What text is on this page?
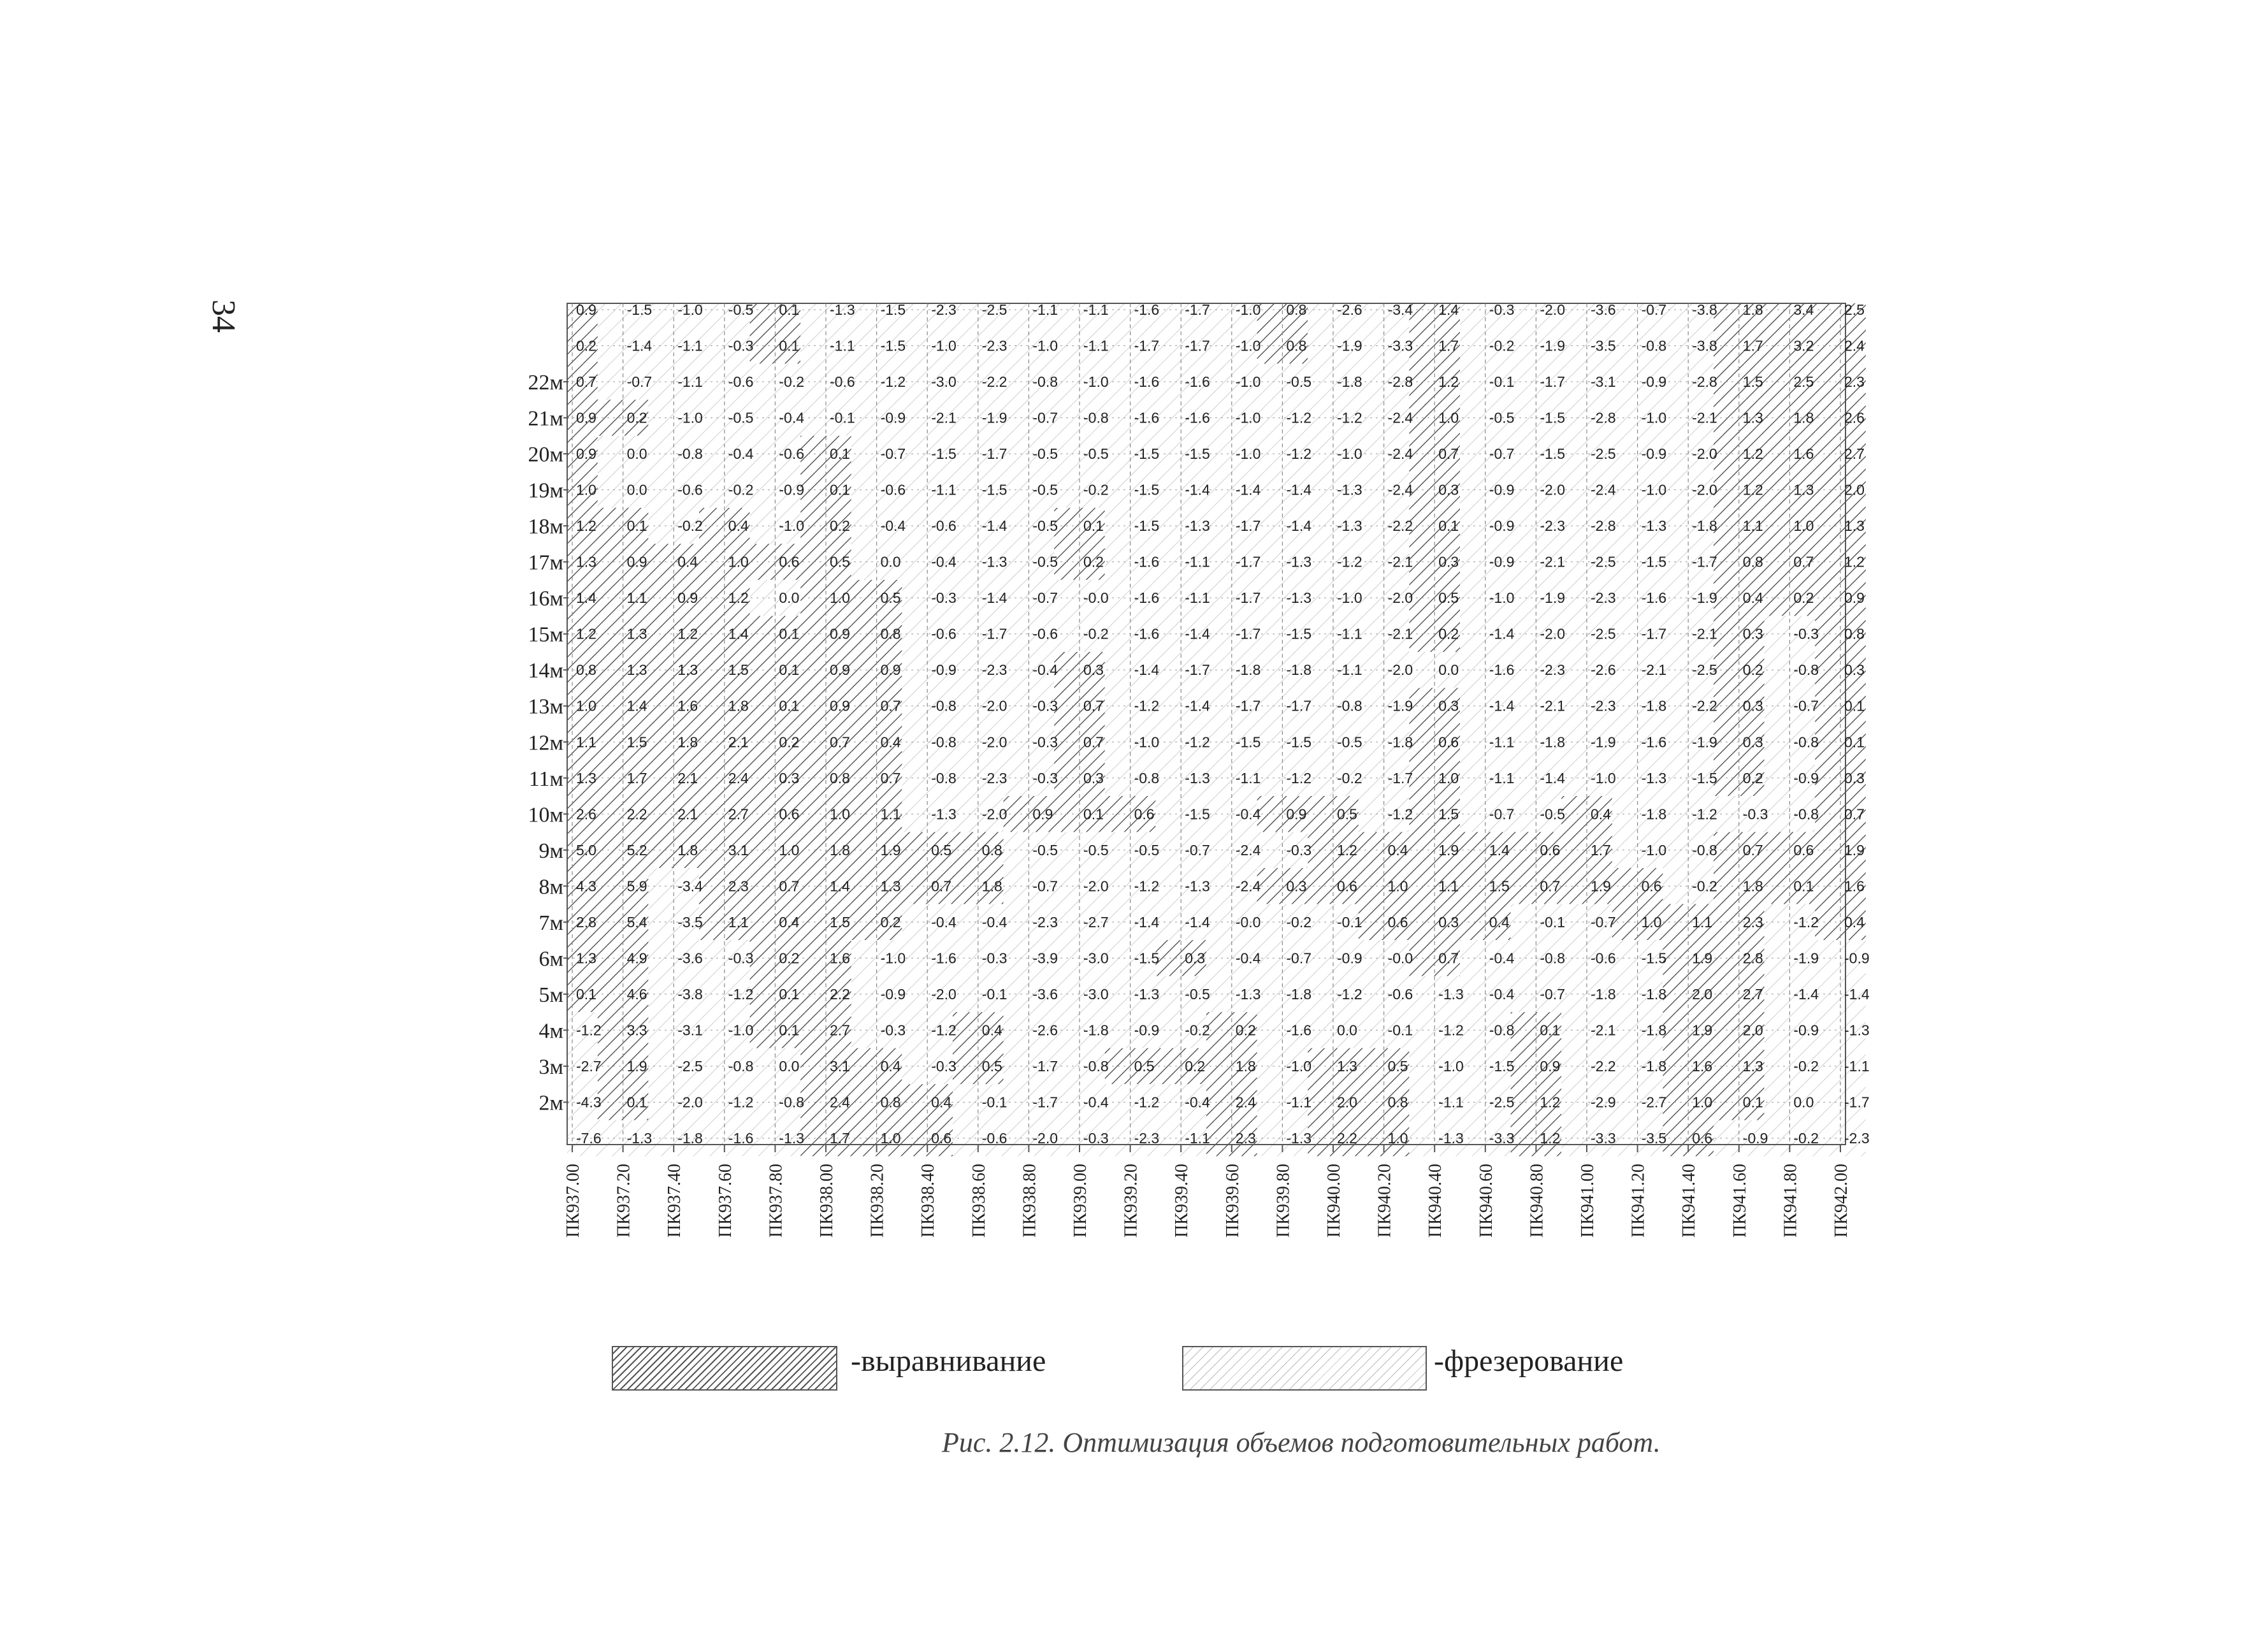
34	0.9 -1.5 -1.0 -0.5 0.1 -1.3 -1.5 -2.3 -2.5 -1.1 -1.1 -1.6 -1.7 -1.0 0.8 -2.6 -3.4 1.4 -0.3 -2.0 -3.6 -0.7 -3.8 1.8 3.4 2.5
0.2 -1.4 -1.1 -0.3 0.1 -1.1 -1.5 -1.0 -2.3 -1.0 -1.1 -1.7 -1.7 -1.0 0.8 -1.9 -3.3 1.7 -0.2 -1.9 -3.5 -0.8 -3.8 1.7 3.2 2.4
0.7 -0.7 -1.1 -0.6 -0.2 -0.6 -1.2 -3.0 -2.2 -0.8 -1.0 -1.6 -1.6 -1.0 -0.5 -1.8 -2.8 1.2 -0.1 -1.7 -3.1 -0.9 -2.8 1.5 2.5 2.3
0.9 0.2 -1.0 -0.5 -0.4 -0.1 -0.9 -2.1 -1.9 -0.7 -0.8 -1.6 -1.6 -1.0 -1.2 -1.2 -2.4 1.0 -0.5 -1.5 -2.8 -1.0 -2.1 1.3 1.8 2.6
0.9 0.0 -0.8 -0.4 -0.6 0.1 -0.7 -1.5 -1.7 -0.5 -0.5 -1.5 -1.5 -1.0 -1.2 -1.0 -2.4 0.7 -0.7 -1.5 -2.5 -0.9 -2.0 1.2 1.6 2.7
1.0 0.0 -0.6 -0.2 -0.9 0.1 -0.6 -1.1 -1.5 -0.5 -0.2 -1.5 -1.4 -1.4 -1.4 -1.3 -2.4 0.3 -0.9 -2.0 -2.4 -1.0 -2.0 1.2 1.3 2.0
1.2 0.1 -0.2 0.4 -1.0 0.2 -0.4 -0.6 -1.4 -0.5 0.1 -1.5 -1.3 -1.7 -1.4 -1.3 -2.2 0.1 -0.9 -2.3 -2.8 -1.3 -1.8 1.1 1.0 1.3
1.3 0.9 0.4 1.0 0.6 0.5 0.0 -0.4 -1.3 -0.5 0.2 -1.6 -1.1 -1.7 -1.3 -1.2 -2.1 0.3 -0.9 -2.1 -2.5 -1.5 -1.7 0.8 0.7 1.2
1.4 1.1 0.9 1.2 0.0 1.0 0.5 -0.3 -1.4 -0.7 -0.0 -1.6 -1.1 -1.7 -1.3 -1.0 -2.0 0.5 -1.0 -1.9 -2.3 -1.6 -1.9 0.4 0.2 0.9
1.2 1.3 1.2 1.4 0.1 0.9 0.8 -0.6 -1.7 -0.6 -0.2 -1.6 -1.4 -1.7 -1.5 -1.1 -2.1 0.2 -1.4 -2.0 -2.5 -1.7 -2.1 0.3 -0.3 0.8
0.8 1.3 1.3 1.5 0.1 0.9 0.9 -0.9 -2.3 -0.4 0.3 -1.4 -1.7 -1.8 -1.8 -1.1 -2.0 0.0 -1.6 -2.3 -2.6 -2.1 -2.5 0.2 -0.8 0.3
1.0 1.4 1.6 1.8 0.1 0.9 0.7 -0.8 -2.0 -0.3 0.7 -1.2 -1.4 -1.7 -1.7 -0.8 -1.9 0.3 -1.4 -2.1 -2.3 -1.8 -2.2 0.3 -0.7 0.1
1.1 1.5 1.8 2.1 0.2 0.7 0.4 -0.8 -2.0 -0.3 0.7 -1.0 -1.2 -1.5 -1.5 -0.5 -1.8 0.6 -1.1 -1.8 -1.9 -1.6 -1.9 0.3 -0.8 0.1
1.3 1.7 2.1 2.4 0.3 0.8 0.7 -0.8 -2.3 -0.3 0.3 -0.8 -1.3 -1.1 -1.2 -0.2 -1.7 1.0 -1.1 -1.4 -1.0 -1.3 -1.5 0.2 -0.9 0.3
2.6 2.2 2.1 2.7 0.6 1.0 1.1 -1.3 -2.0 0.9 0.1 0.6 -1.5 -0.4 0.9 0.5 -1.2 1.5 -0.7 -0.5 0.4 -1.8 -1.2 -0.3 -0.8 0.7
5.0 5.2 1.8 3.1 1.0 1.8 1.9 0.5 0.8 -0.5 -0.5 -0.5 -0.7 -2.4 -0.3 1.2 0.4 1.9 1.4 0.6 1.7 -1.0 -0.8 0.7 0.6 1.9
4.3 5.9 -3.4 2.3 0.7 1.4 1.3 0.7 1.8 -0.7 -2.0 -1.2 -1.3 -2.4 0.3 0.6 1.0 1.1 1.5 0.7 1.9 0.6 -0.2 1.8 0.1 1.6
2.8 5.4 -3.5 1.1 0.4 1.5 0.2 -0.4 -0.4 -2.3 -2.7 -1.4 -1.4 -0.0 -0.2 -0.1 0.6 0.3 0.4 -0.1 -0.7 1.0 1.1 2.3 -1.2 0.4
1.3 4.9 -3.6 -0.3 0.2 1.6 -1.0 -1.6 -0.3 -3.9 -3.0 -1.5 0.3 -0.4 -0.7 -0.9 -0.0 0.7 -0.4 -0.8 -0.6 -1.5 1.9 2.8 -1.9 -0.9
0.1 4.6 -3.8 -1.2 0.1 2.2 -0.9 -2.0 -0.1 -3.6 -3.0 -1.3 -0.5 -1.3 -1.8 -1.2 -0.6 -1.3 -0.4 -0.7 -1.8 -1.8 2.0 2.7 -1.4 -1.4
-1.2 3.3 -3.1 -1.0 0.1 2.7 -0.3 -1.2 0.4 -2.6 -1.8 -0.9 -0.2 0.2 -1.6 0.0 -0.1 -1.2 -0.8 0.1 -2.1 -1.8 1.9 2.0 -0.9 -1.3
-2.7 1.9 -2.5 -0.8 0.0 3.1 0.4 -0.3 0.5 -1.7 -0.8 0.5 0.2 1.8 -1.0 1.3 0.5 -1.0 -1.5 0.9 -2.2 -1.8 1.6 1.3 -0.2 -1.1
-4.3 0.1 -2.0 -1.2 -0.8 2.4 0.8 0.4 -0.1 -1.7 -0.4 -1.2 -0.4 2.4 -1.1 2.0 0.8 -1.1 -2.5 1.2 -2.9 -2.7 1.0 0.1 0.0 -1.7
-7.6 -1.3 -1.8 -1.6 -1.3 1.7 1.0 0.6 -0.6 -2.0 -0.3 -2.3 -1.1 2.3 -1.3 2.2 1.0 -1.3 -3.3 1.2 -3.3 -3.5 0.6 -0.9 -0.2 -2.3
22м
21м
20м
19м
18м
17м
16м
15м
14м
13м
12м
11м
10м
9м
8м
7м
6м
5м
4м
3м
2м
ПК937.00 ПК937.20 ПК937.40 ПК937.60 ПК937.80 ПК938.00 ПК938.20 ПК938.40 ПК938.60 ПК938.80 ПК939.00 ПК939.20 ПК939.40 ПК939.60 ПК939.80 ПК940.00 ПК940.20 ПК940.40 ПК940.60 ПК940.80 ПК941.00 ПК941.20 ПК941.40 ПК941.60 ПК941.80 ПК942.00
-выравнивание	-фрезерование
Рис. 2.12. Оптимизация объемов подготовительных работ.
